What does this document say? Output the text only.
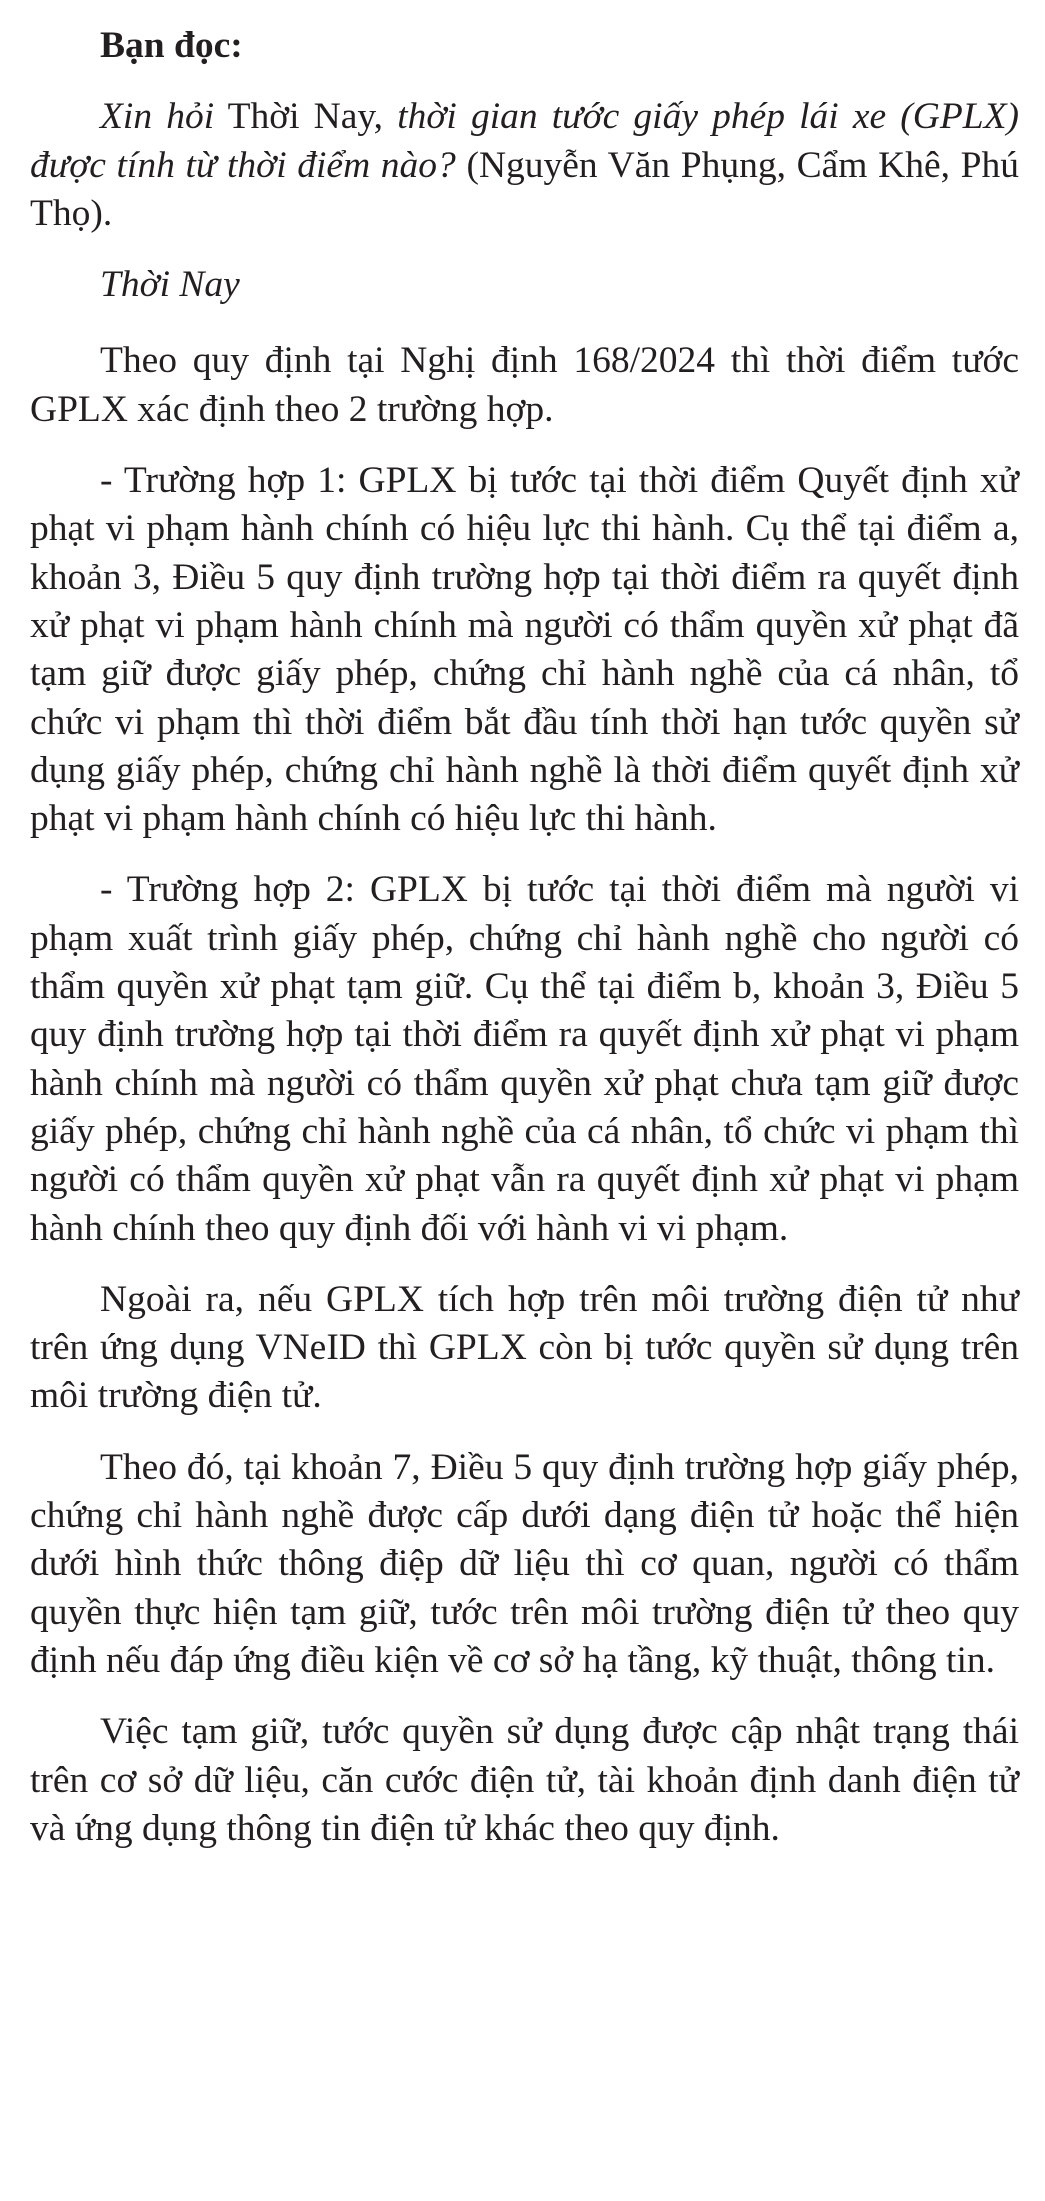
Bạn đọc:

Xin hỏi Thời Nay, thời gian tước giấy phép lái xe (GPLX) được tính từ thời điểm nào? (Nguyễn Văn Phụng, Cẩm Khê, Phú Thọ).

Thời Nay

Theo quy định tại Nghị định 168/2024 thì thời điểm tước GPLX xác định theo 2 trường hợp.

- Trường hợp 1: GPLX bị tước tại thời điểm Quyết định xử phạt vi phạm hành chính có hiệu lực thi hành. Cụ thể tại điểm a, khoản 3, Điều 5 quy định trường hợp tại thời điểm ra quyết định xử phạt vi phạm hành chính mà người có thẩm quyền xử phạt đã tạm giữ được giấy phép, chứng chỉ hành nghề của cá nhân, tổ chức vi phạm thì thời điểm bắt đầu tính thời hạn tước quyền sử dụng giấy phép, chứng chỉ hành nghề là thời điểm quyết định xử phạt vi phạm hành chính có hiệu lực thi hành.

- Trường hợp 2: GPLX bị tước tại thời điểm mà người vi phạm xuất trình giấy phép, chứng chỉ hành nghề cho người có thẩm quyền xử phạt tạm giữ. Cụ thể tại điểm b, khoản 3, Điều 5 quy định trường hợp tại thời điểm ra quyết định xử phạt vi phạm hành chính mà người có thẩm quyền xử phạt chưa tạm giữ được giấy phép, chứng chỉ hành nghề của cá nhân, tổ chức vi phạm thì người có thẩm quyền xử phạt vẫn ra quyết định xử phạt vi phạm hành chính theo quy định đối với hành vi vi phạm.

Ngoài ra, nếu GPLX tích hợp trên môi trường điện tử như trên ứng dụng VNeID thì GPLX còn bị tước quyền sử dụng trên môi trường điện tử.

Theo đó, tại khoản 7, Điều 5 quy định trường hợp giấy phép, chứng chỉ hành nghề được cấp dưới dạng điện tử hoặc thể hiện dưới hình thức thông điệp dữ liệu thì cơ quan, người có thẩm quyền thực hiện tạm giữ, tước trên môi trường điện tử theo quy định nếu đáp ứng điều kiện về cơ sở hạ tầng, kỹ thuật, thông tin.

Việc tạm giữ, tước quyền sử dụng được cập nhật trạng thái trên cơ sở dữ liệu, căn cước điện tử, tài khoản định danh điện tử và ứng dụng thông tin điện tử khác theo quy định.
